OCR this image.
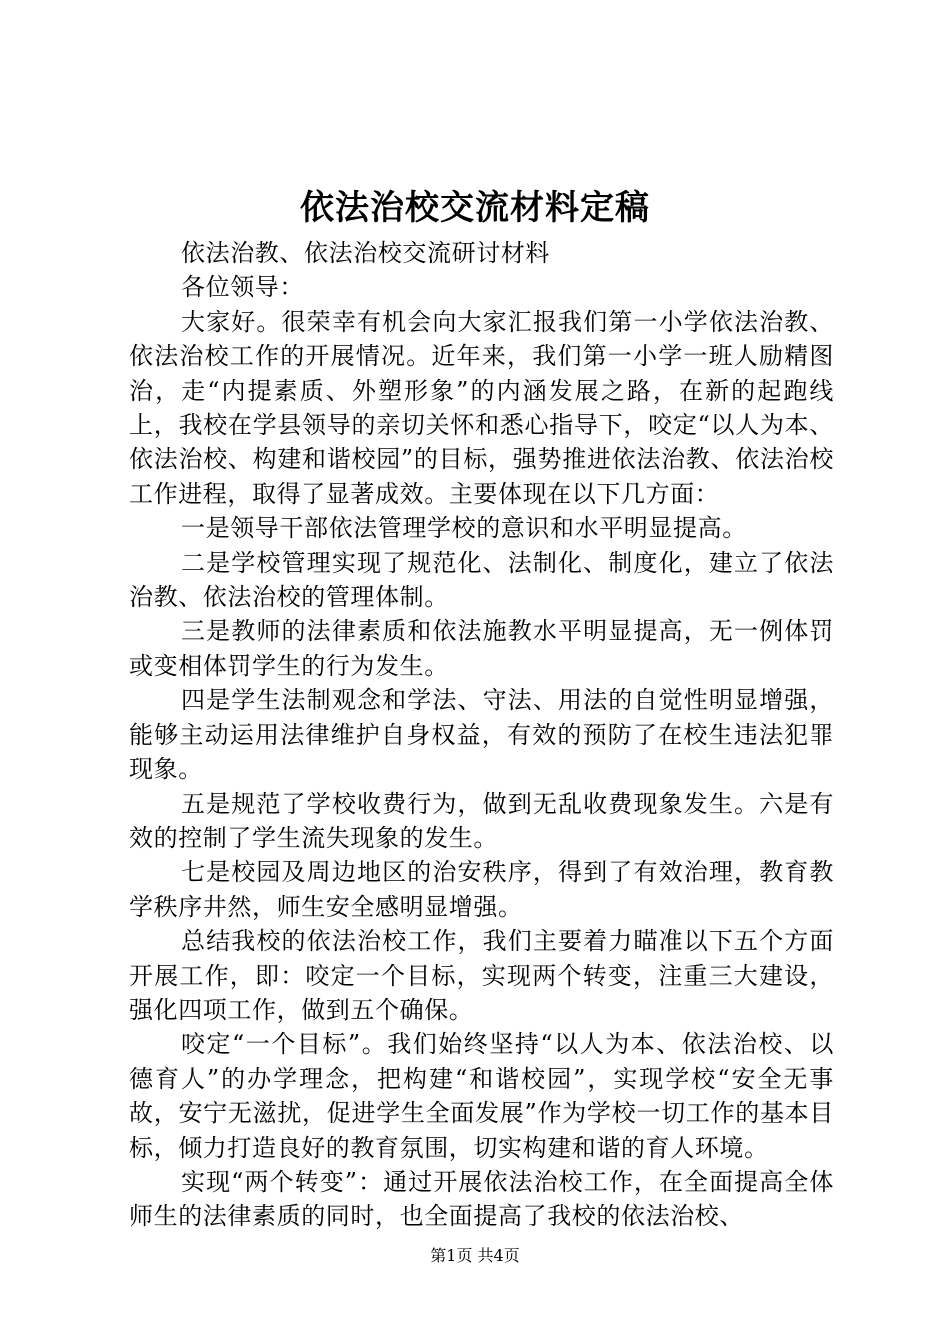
依法治校交流材料定稿

依法治教、依法治校交流研讨材料

各位领导：

大家好。很荣幸有机会向大家汇报我们第一小学依法治教、依法治校工作的开展情况。近年来，我们第一小学一班人励精图治，走“内提素质、外塑形象”的内涵发展之路，在新的起跑线上，我校在学县领导的亲切关怀和悉心指导下，咬定“以人为本、依法治校、构建和谐校园”的目标，强势推进依法治教、依法治校工作进程，取得了显著成效。主要体现在以下几方面：

一是领导干部依法管理学校的意识和水平明显提高。

二是学校管理实现了规范化、法制化、制度化，建立了依法治教、依法治校的管理体制。

三是教师的法律素质和依法施教水平明显提高，无一例体罚或变相体罚学生的行为发生。

四是学生法制观念和学法、守法、用法的自觉性明显增强，能够主动运用法律维护自身权益，有效的预防了在校生违法犯罪现象。

五是规范了学校收费行为，做到无乱收费现象发生。六是有效的控制了学生流失现象的发生。

七是校园及周边地区的治安秩序，得到了有效治理，教育教学秩序井然，师生安全感明显增强。

总结我校的依法治校工作，我们主要着力瞄准以下五个方面开展工作，即：咬定一个目标，实现两个转变，注重三大建设，强化四项工作，做到五个确保。

咬定“一个目标”。我们始终坚持“以人为本、依法治校、以德育人”的办学理念，把构建“和谐校园”，实现学校“安全无事故，安宁无滋扰，促进学生全面发展”作为学校一切工作的基本目标，倾力打造良好的教育氛围，切实构建和谐的育人环境。

实现“两个转变”：通过开展依法治校工作，在全面提高全体师生的法律素质的同时，也全面提高了我校的依法治校、

第1页 共4页
